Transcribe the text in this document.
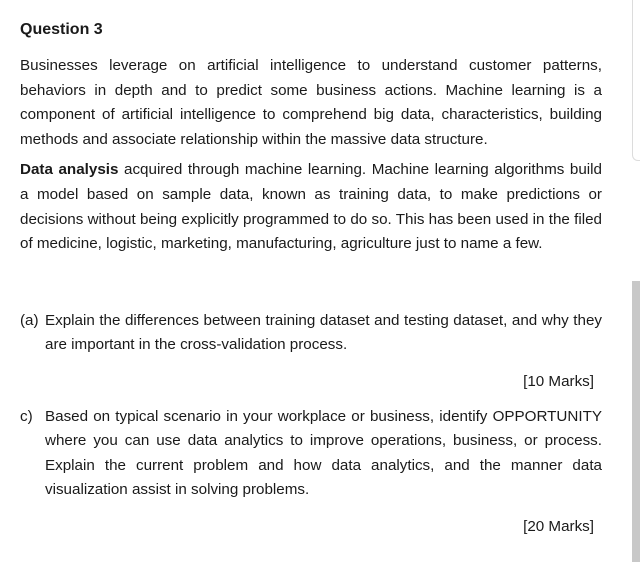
Question 3

Businesses leverage on artificial intelligence to understand customer patterns, behaviors in depth and to predict some business actions. Machine learning is a component of artificial intelligence to comprehend big data, characteristics, building methods and associate relationship within the massive data structure.

Data analysis acquired through machine learning. Machine learning algorithms build a model based on sample data, known as training data, to make predictions or decisions without being explicitly programmed to do so. This has been used in the filed of medicine, logistic, marketing, manufacturing, agriculture just to name a few.

(a) Explain the differences between training dataset and testing dataset, and why they are important in the cross-validation process.
[10 Marks]
c) Based on typical scenario in your workplace or business, identify OPPORTUNITY where you can use data analytics to improve operations, business, or process. Explain the current problem and how data analytics, and the manner data visualization assist in solving problems.
[20 Marks]
